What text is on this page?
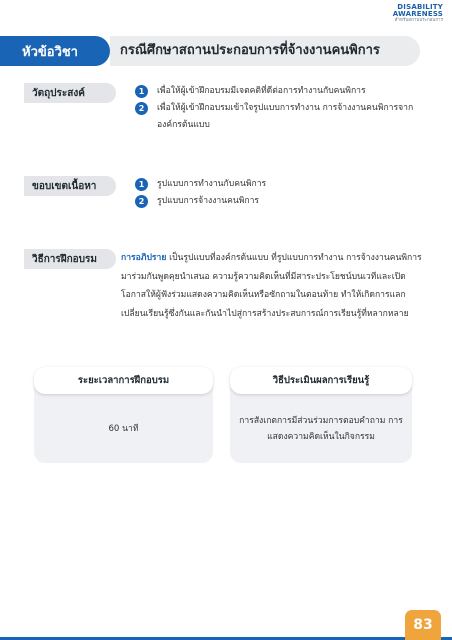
DISABILITY
AWARENESS
สำหรับสถานประกอบการ
หัวข้อวิชา	กรณีศึกษาสถานประกอบการที่จ้างงานคนพิการ
วัตถุประสงค์	1	เพื่อให้ผู้เข้าฝึกอบรมมีเจตคติที่ดีต่อการทำงานกับคนพิการ
2	เพื่อให้ผู้เข้าฝึกอบรมเข้าใจรูปแบบการทำงาน การจ้างงานคนพิการจากองค์กรต้นแบบ
ขอบเขตเนื้อหา	1	รูปแบบการทำงานกับคนพิการ
2	รูปแบบการจ้างงานคนพิการ
วิธีการฝึกอบรม	การอภิปราย เป็นรูปแบบที่องค์กรต้นแบบ ที่รูปแบบการทำงาน การจ้างงานคนพิการ มาร่วมกันพูดคุยนำเสนอ ความรู้ความคิดเห็นที่มีสาระประโยชน์บนเวทีและเปิดโอกาสให้ผู้ฟังร่วมแสดงความคิดเห็นหรือซักถามในตอนท้าย ทำให้เกิดการแลกเปลี่ยนเรียนรู้ซึ่งกันและกันนำไปสู่การสร้างประสบการณ์การเรียนรู้ที่หลากหลาย
ระยะเวลาการฝึกอบรม
60 นาที
วิธีประเมินผลการเรียนรู้
การสังเกตการมีส่วนร่วมการตอบคำถาม การแสดงความคิดเห็นในกิจกรรม
83
